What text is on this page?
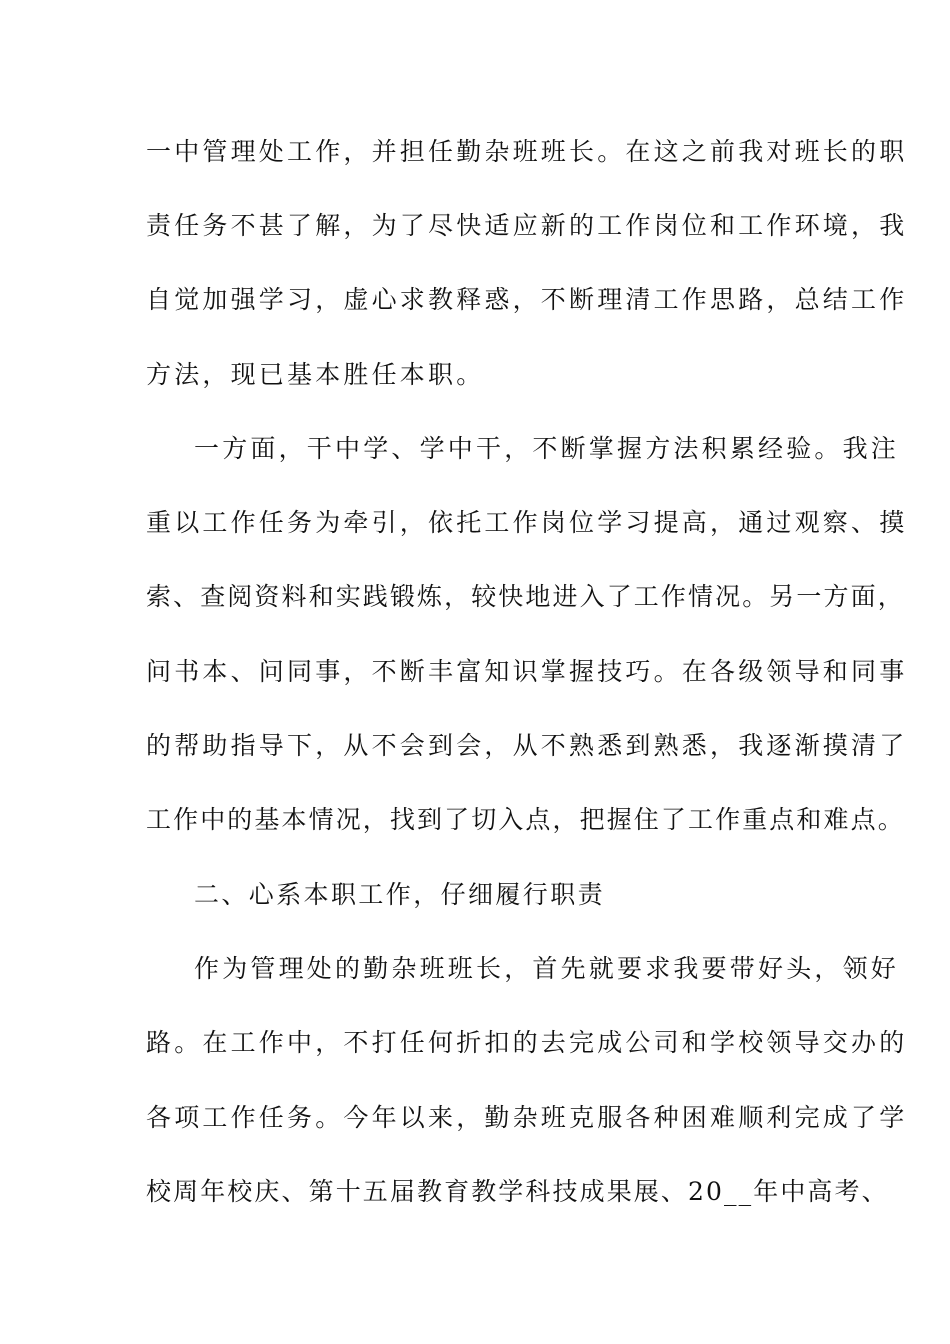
一中管理处工作，并担任勤杂班班长。在这之前我对班长的职
责任务不甚了解，为了尽快适应新的工作岗位和工作环境，我
自觉加强学习，虚心求教释惑，不断理清工作思路，总结工作
方法，现已基本胜任本职。
一方面，干中学、学中干，不断掌握方法积累经验。我注
重以工作任务为牵引，依托工作岗位学习提高，通过观察、摸
索、查阅资料和实践锻炼，较快地进入了工作情况。另一方面，
问书本、问同事，不断丰富知识掌握技巧。在各级领导和同事
的帮助指导下，从不会到会，从不熟悉到熟悉，我逐渐摸清了
工作中的基本情况，找到了切入点，把握住了工作重点和难点。
二、心系本职工作，仔细履行职责
作为管理处的勤杂班班长，首先就要求我要带好头，领好
路。在工作中，不打任何折扣的去完成公司和学校领导交办的
各项工作任务。今年以来，勤杂班克服各种困难顺利完成了学
校周年校庆、第十五届教育教学科技成果展、20__年中高考、
